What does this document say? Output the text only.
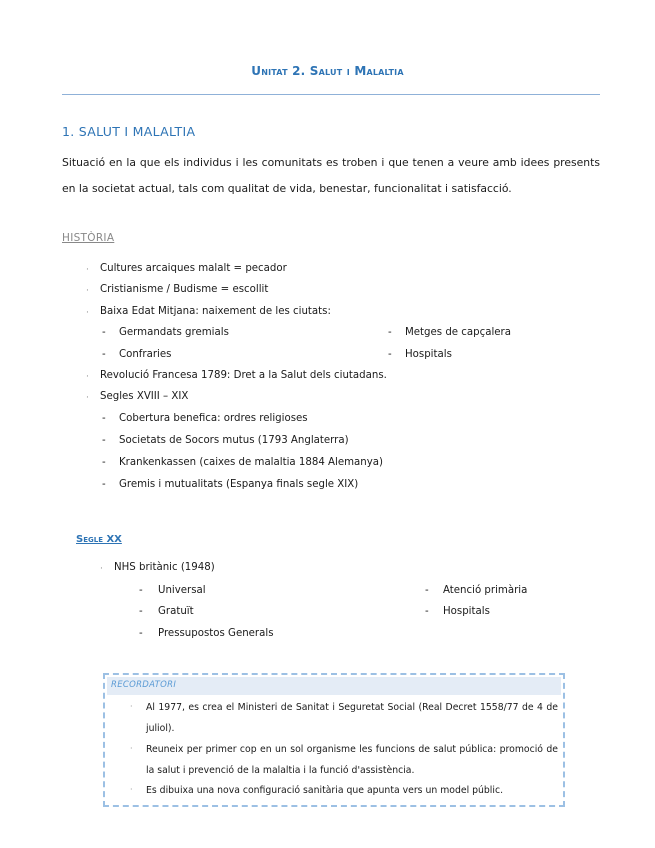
Unitat 2. Salut i Malaltia
1. SALUT I MALALTIA
Situació en la que els individus i les comunitats es troben i que tenen a veure amb idees presents en la societat actual, tals com qualitat de vida, benestar, funcionalitat i satisfacció.
HISTÒRIA
· Cultures arcaiques malalt = pecador
· Cristianisme / Budisme = escollit
· Baixa Edat Mitjana: naixement de les ciutats:
- Germandats gremials	- Metges de capçalera
- Confraries	- Hospitals
· Revolució Francesa 1789: Dret a la Salut dels ciutadans.
· Segles XVIII – XIX
- Cobertura benefica: ordres religioses
- Societats de Socors mutus (1793 Anglaterra)
- Krankenkassen (caixes de malaltia 1884 Alemanya)
- Gremis i mutualitats (Espanya finals segle XIX)
Segle XX
· NHS britànic (1948)
- Universal	- Atenció primària
- Gratuït	- Hospitals
- Pressupostos Generals
RECORDATORI
· Al 1977, es crea el Ministeri de Sanitat i Seguretat Social (Real Decret 1558/77 de 4 de juliol).
· Reuneix per primer cop en un sol organisme les funcions de salut pública: promoció de la salut i prevenció de la malaltia i la funció d'assistència.
· Es dibuixa una nova configuració sanitària que apunta vers un model públic.
